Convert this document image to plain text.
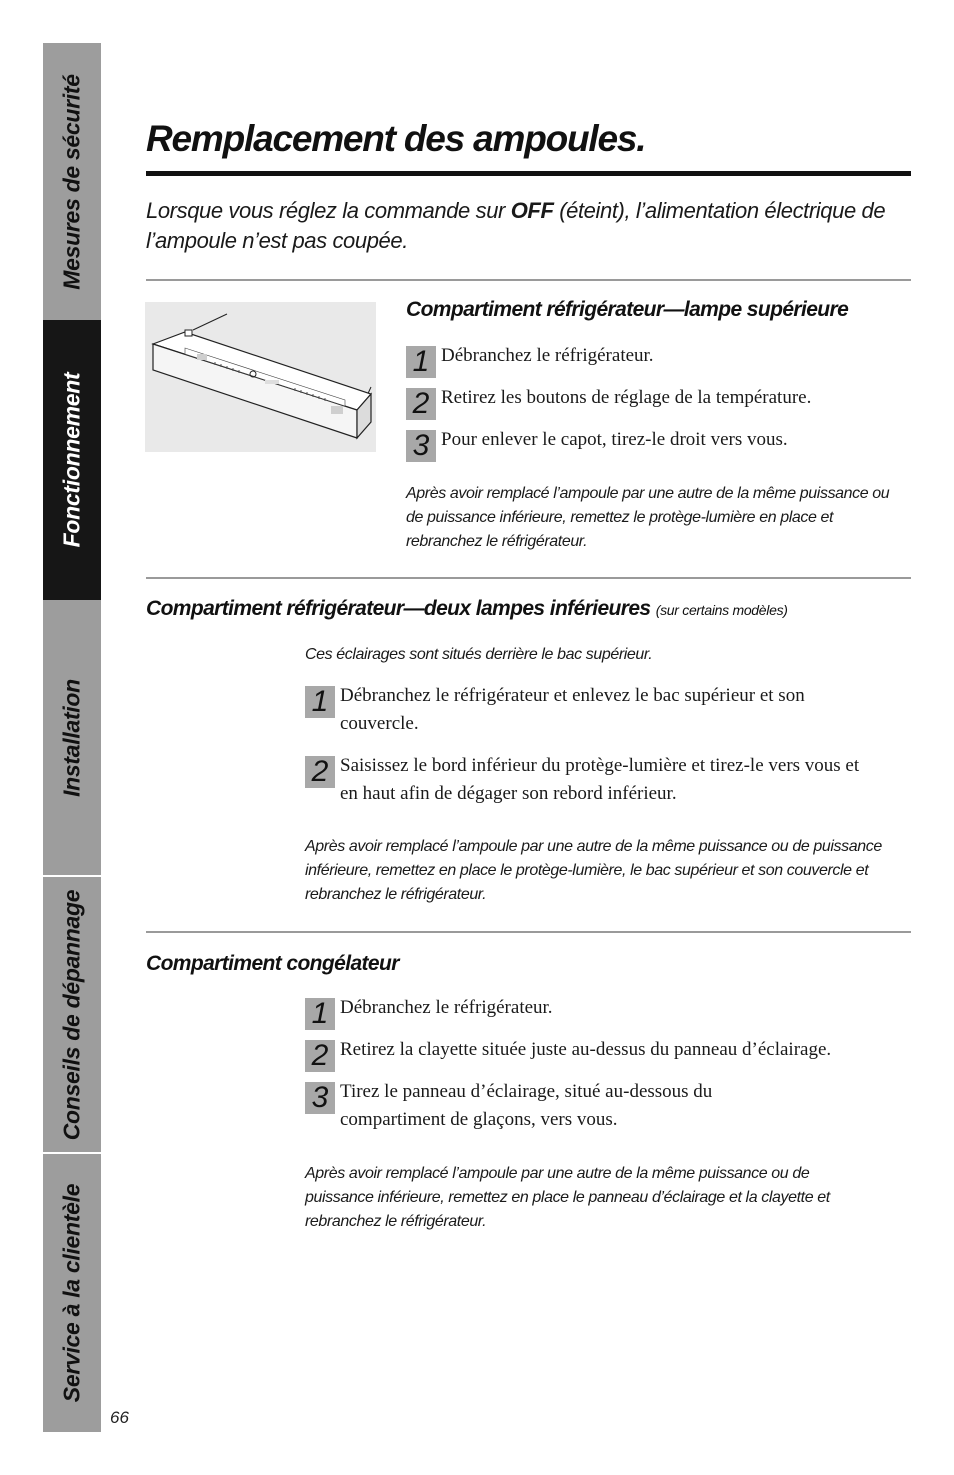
Mesures de sécurité
Fonctionnement
Installation
Conseils de dépannage
Service à la clientèle
Remplacement des ampoules.

Lorsque vous réglez la commande sur OFF (éteint), l’alimentation électrique de l’ampoule n’est pas coupée.

Compartiment réfrigérateur—lampe supérieure
1 Débranchez le réfrigérateur.
2 Retirez les boutons de réglage de la température.
3 Pour enlever le capot, tirez-le droit vers vous.

Après avoir remplacé l’ampoule par une autre de la même puissance ou de puissance inférieure, remettez le protège-lumière en place et rebranchez le réfrigérateur.

Compartiment réfrigérateur—deux lampes inférieures (sur certains modèles)

Ces éclairages sont situés derrière le bac supérieur.

1 Débranchez le réfrigérateur et enlevez le bac supérieur et son couvercle.
2 Saisissez le bord inférieur du protège-lumière et tirez-le vers vous et en haut afin de dégager son rebord inférieur.

Après avoir remplacé l’ampoule par une autre de la même puissance ou de puissance inférieure, remettez en place le protège-lumière, le bac supérieur et son couvercle et rebranchez le réfrigérateur.

Compartiment congélateur
1 Débranchez le réfrigérateur.
2 Retirez la clayette située juste au-dessus du panneau d’éclairage.
3 Tirez le panneau d’éclairage, situé au-dessous du compartiment de glaçons, vers vous.

Après avoir remplacé l’ampoule par une autre de la même puissance ou de puissance inférieure, remettez en place le panneau d’éclairage et la clayette et rebranchez le réfrigérateur.

66
